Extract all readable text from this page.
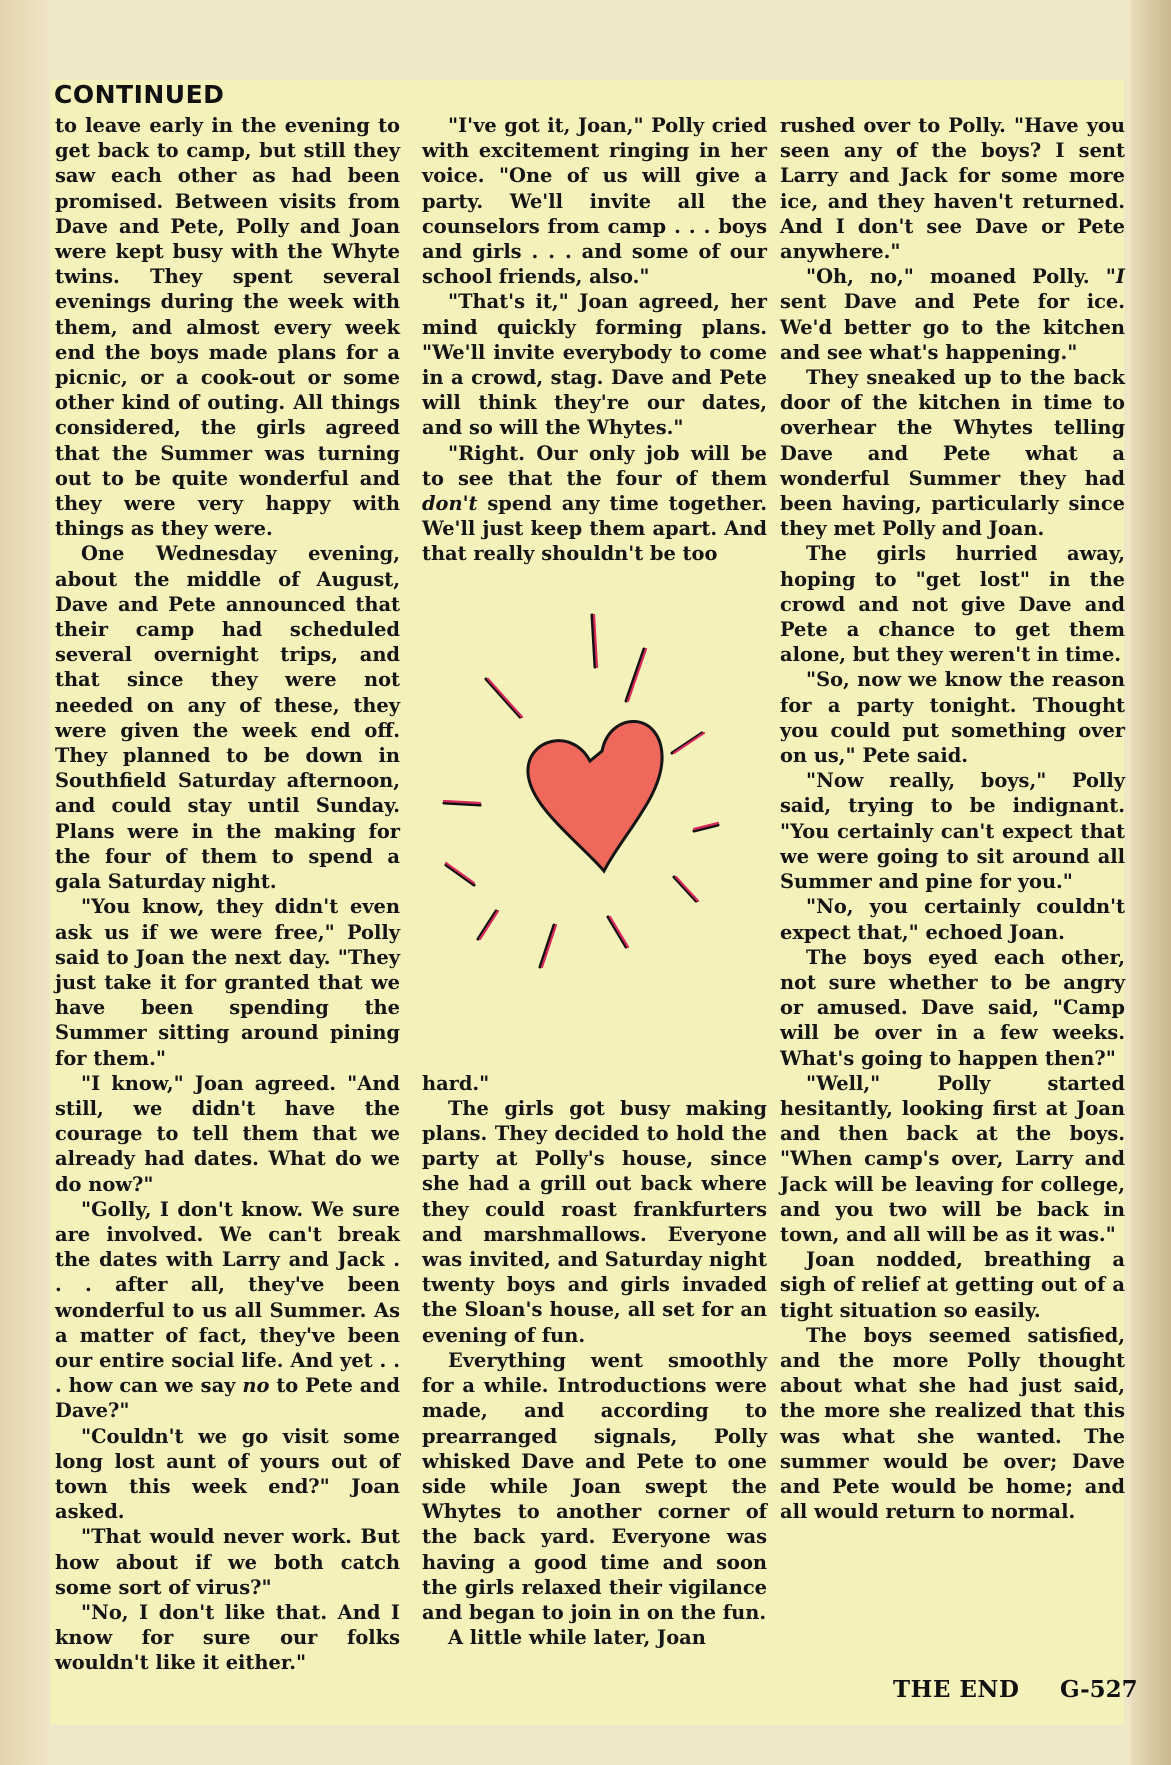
CONTINUED

to leave early in the evening to get back to camp, but still they saw each other as had been promised. Between visits from Dave and Pete, Polly and Joan were kept busy with the Whyte twins. They spent several evenings during the week with them, and almost every week end the boys made plans for a picnic, or a cook-out or some other kind of outing. All things considered, the girls agreed that the Summer was turning out to be quite wonderful and they were very happy with things as they were.

One Wednesday evening, about the middle of August, Dave and Pete announced that their camp had scheduled several overnight trips, and that since they were not needed on any of these, they were given the week end off. They planned to be down in Southfield Saturday afternoon, and could stay until Sunday. Plans were in the making for the four of them to spend a gala Saturday night.

"You know, they didn't even ask us if we were free," Polly said to Joan the next day. "They just take it for granted that we have been spending the Summer sitting around pining for them."

"I know," Joan agreed. "And still, we didn't have the courage to tell them that we already had dates. What do we do now?"

"Golly, I don't know. We sure are involved. We can't break the dates with Larry and Jack . . . after all, they've been wonderful to us all Summer. As a matter of fact, they've been our entire social life. And yet . . . how can we say no to Pete and Dave?"

"Couldn't we go visit some long lost aunt of yours out of town this week end?" Joan asked.

"That would never work. But how about if we both catch some sort of virus?"

"No, I don't like that. And I know for sure our folks wouldn't like it either."

"I've got it, Joan," Polly cried with excitement ringing in her voice. "One of us will give a party. We'll invite all the counselors from camp . . . boys and girls . . . and some of our school friends, also."

"That's it," Joan agreed, her mind quickly forming plans. "We'll invite everybody to come in a crowd, stag. Dave and Pete will think they're our dates, and so will the Whytes."

"Right. Our only job will be to see that the four of them don't spend any time together. We'll just keep them apart. And that really shouldn't be too

hard."

The girls got busy making plans. They decided to hold the party at Polly's house, since she had a grill out back where they could roast frankfurters and marshmallows. Everyone was invited, and Saturday night twenty boys and girls invaded the Sloan's house, all set for an evening of fun.

Everything went smoothly for a while. Introductions were made, and according to prearranged signals, Polly whisked Dave and Pete to one side while Joan swept the Whytes to another corner of the back yard. Everyone was having a good time and soon the girls relaxed their vigilance and began to join in on the fun.

A little while later, Joan

rushed over to Polly. "Have you seen any of the boys? I sent Larry and Jack for some more ice, and they haven't returned. And I don't see Dave or Pete anywhere."

"Oh, no," moaned Polly. "I sent Dave and Pete for ice. We'd better go to the kitchen and see what's happening."

They sneaked up to the back door of the kitchen in time to overhear the Whytes telling Dave and Pete what a wonderful Summer they had been having, particularly since they met Polly and Joan.

The girls hurried away, hoping to "get lost" in the crowd and not give Dave and Pete a chance to get them alone, but they weren't in time.

"So, now we know the reason for a party tonight. Thought you could put something over on us," Pete said.

"Now really, boys," Polly said, trying to be indignant. "You certainly can't expect that we were going to sit around all Summer and pine for you."

"No, you certainly couldn't expect that," echoed Joan.

The boys eyed each other, not sure whether to be angry or amused. Dave said, "Camp will be over in a few weeks. What's going to happen then?"

"Well," Polly started hesitantly, looking first at Joan and then back at the boys. "When camp's over, Larry and Jack will be leaving for college, and you two will be back in town, and all will be as it was."

Joan nodded, breathing a sigh of relief at getting out of a tight situation so easily.

The boys seemed satisfied, and the more Polly thought about what she had just said, the more she realized that this was what she wanted. The summer would be over; Dave and Pete would be home; and all would return to normal.

THE END G-527
